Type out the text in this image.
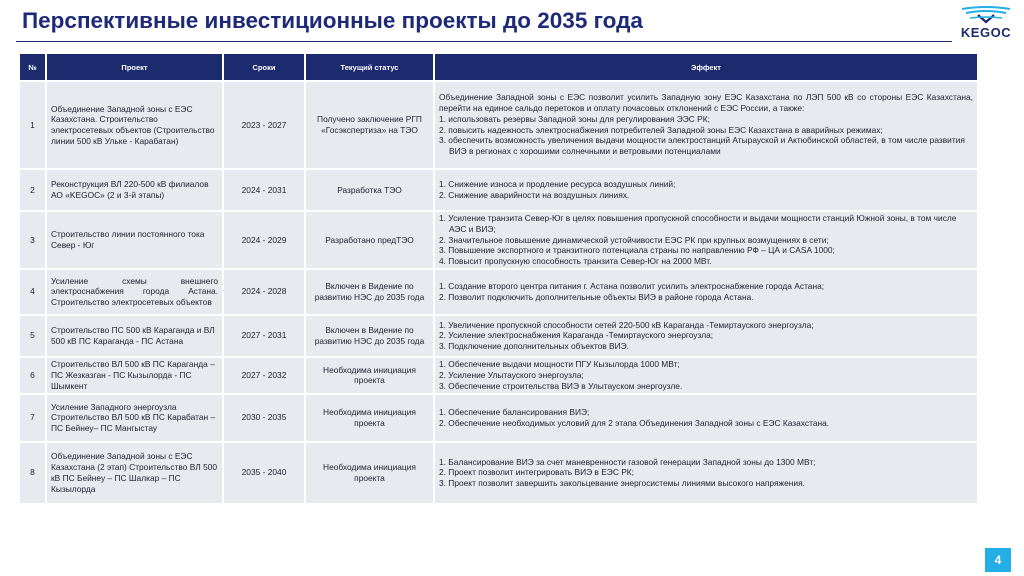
Перспективные инвестиционные проекты до 2035 года	KEGOC
№	Проект	Сроки	Текущий статус	Эффект
1	Объединение Западной зоны с ЕЭС Казахстана. Строительство электросетевых объектов (Строительство линии 500 кВ Ульке - Карабатан)	2023 - 2027	Получено заключение РГП «Госэкспертиза» на ТЭО	Объединение Западной зоны с ЕЭС позволит усилить Западную зону ЕЭС Казахстана по ЛЭП 500 кВ со стороны ЕЭС Казахстана, перейти на единое сальдо перетоков и оплату почасовых отклонений с ЕЭС России, а также:
1. использовать резервы Западной зоны для регулирования ЭЭС РК;
2. повысить надежность электроснабжения потребителей Западной зоны ЕЭС Казахстана в аварийных режимах;
3. обеспечить возможность увеличения выдачи мощности электростанций Атырауской и Актюбинской областей, в том числе развития ВИЭ в регионах с хорошими солнечными и ветровыми потенциалами

2	Реконструкция ВЛ 220-500 кВ филиалов АО «KEGOC» (2 и 3-й этапы)	2024 - 2031	Разработка ТЭО	1. Снижение износа и продление ресурса воздушных линий;
2. Снижение аварийности на воздушных линиях.

3	Строительство линии постоянного тока Север - Юг	2024 - 2029	Разработано предТЭО	1. Усиление транзита Север-Юг в целях повышения пропускной способности и выдачи мощности станций Южной зоны, в том числе АЭС и ВИЭ;
2. Значительное повышение динамической устойчивости ЕЭС РК при крупных возмущениях в сети;
3. Повышение экспортного и транзитного потенциала страны по направлению РФ – ЦА и CASA 1000;
4. Повысит пропускную способность транзита Север-Юг на 2000 МВт.

4	Усиление схемы внешнего электроснабжения города Астана. Строительство электросетевых объектов	2024 - 2028	Включен в Видение по развитию НЭС до 2035 года	1. Создание второго центра питания г. Астана позволит усилить электроснабжение города Астана;
2. Позволит подключить дополнительные объекты ВИЭ в районе города Астана.

5	Строительство ПС 500 кВ Караганда и ВЛ 500 кВ ПС Караганда - ПС Астана	2027 - 2031	Включен в Видение по развитию НЭС до 2035 года	1. Увеличение пропускной способности сетей 220-500 кВ Караганда -Темиртауского энергоузла;
2. Усиление электроснабжения Караганда -Темиртауского энергоузла;
3. Подключение дополнительных объектов ВИЭ.

6	Строительство ВЛ 500 кВ ПС Караганда – ПС Жезказган - ПС Кызылорда - ПС Шымкент	2027 - 2032	Необходима инициация проекта	1. Обеспечение выдачи мощности ПГУ Кызылорда 1000 МВт;
2. Усиление Улытауского энергоузла;
3. Обеспечение строительства ВИЭ в Улытауском энергоузле.

7	Усиление Западного энергоузла Строительство ВЛ 500 кВ ПС Карабатан – ПС Бейнеу– ПС Мангыстау	2030 - 2035	Необходима инициация проекта	1. Обеспечение балансирования ВИЭ;
2. Обеспечение необходимых условий для 2 этапа Объединения Западной зоны с ЕЭС Казахстана.

8	Объединение Западной зоны с ЕЭС Казахстана (2 этап) Строительство ВЛ 500 кВ ПС Бейнеу – ПС Шалкар – ПС Кызылорда	2035 - 2040	Необходима инициация проекта	1. Балансирование ВИЭ за счет маневренности газовой генерации Западной зоны до 1300 МВт;
2. Проект позволит интегрировать ВИЭ в ЕЭС РК;
3. Проект позволит завершить закольцевание энергосистемы линиями высокого напряжения.
4
